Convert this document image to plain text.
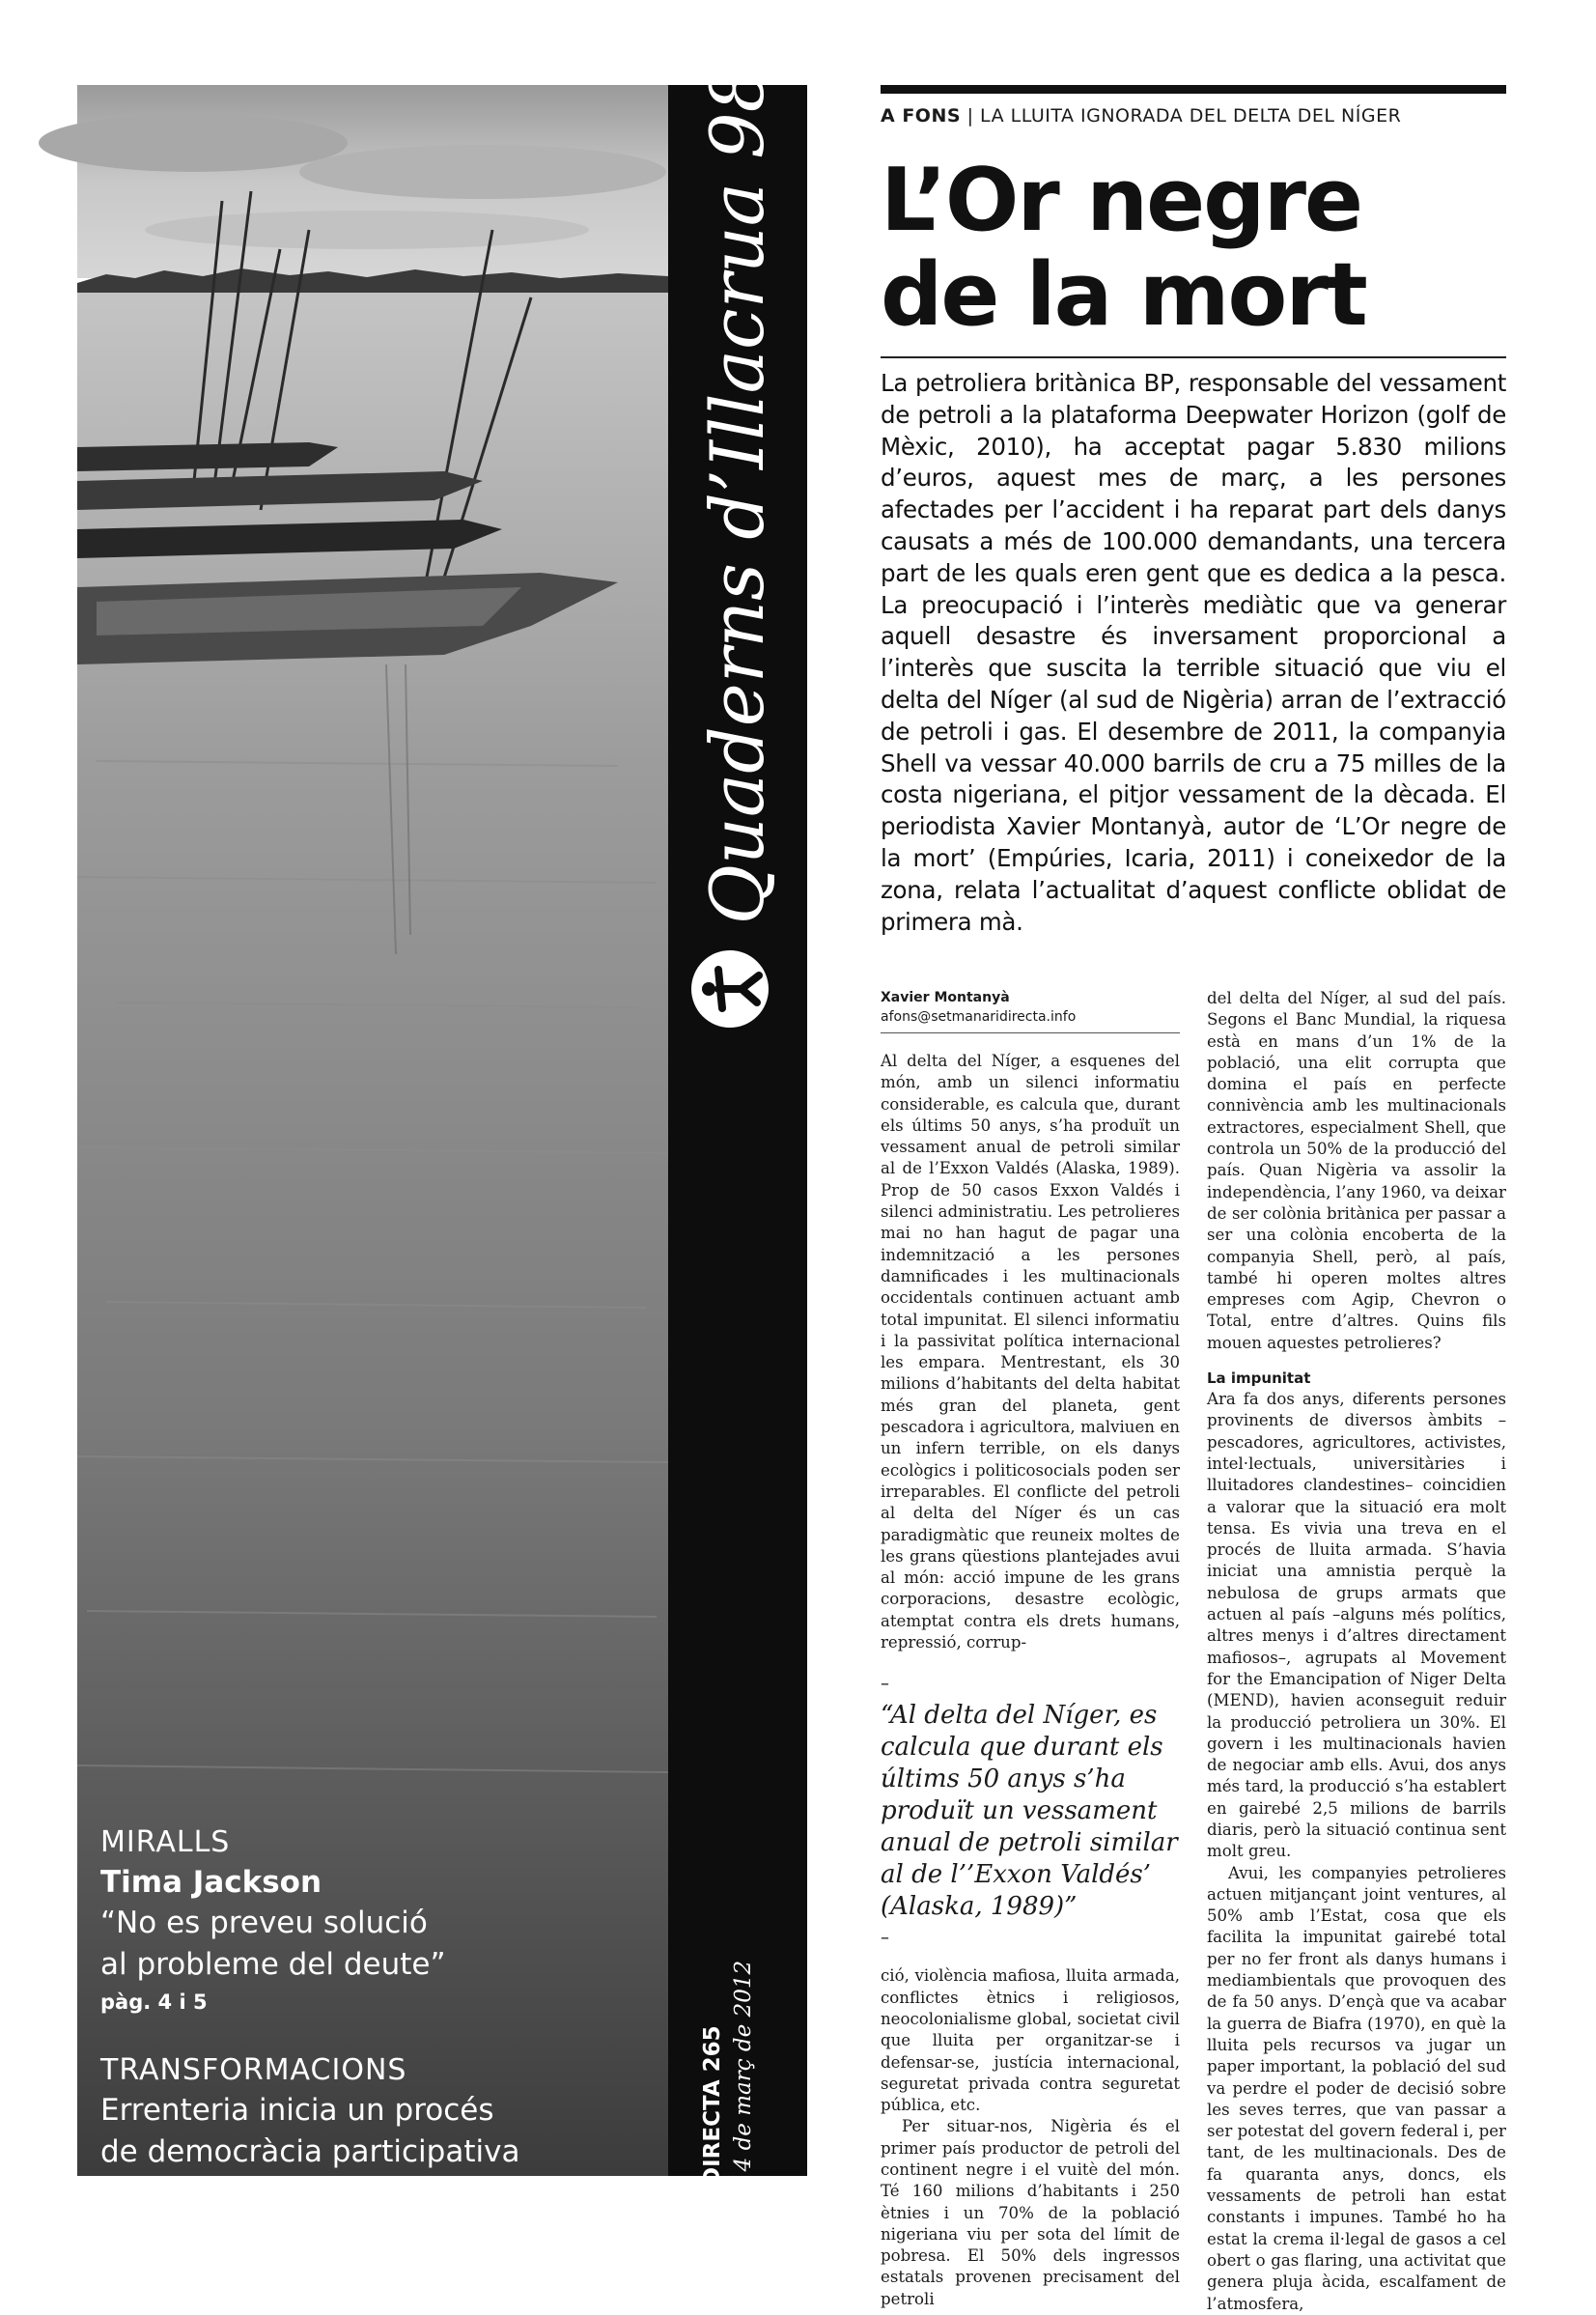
MIRALLS
Tima Jackson
“No es preveu solució
al probleme del deute”
pàg. 4 i 5
TRANSFORMACIONS
Errenteria inicia un procés
de democràcia participativa
pàg. 6 i 7
Quaderns d’Illacrua 98
DIRECTA 265 14 de març de 2012
A FONS | LA LLUITA IGNORADA DEL DELTA DEL NÍGER
L’Or negre
de la mort

La petroliera britànica BP, responsable del vessament de petroli a la plataforma Deepwater Horizon (golf de Mèxic, 2010), ha acceptat pagar 5.830 milions d’euros, aquest mes de març, a les persones afectades per l’accident i ha reparat part dels danys causats a més de 100.000 demandants, una tercera part de les quals eren gent que es dedica a la pesca. La preocupació i l’interès mediàtic que va generar aquell desastre és inversament proporcional a l’interès que suscita la terrible situació que viu el delta del Níger (al sud de Nigèria) arran de l’extracció de petroli i gas. El desembre de 2011, la companyia Shell va vessar 40.000 barrils de cru a 75 milles de la costa nigeriana, el pitjor vessament de la dècada. El periodista Xavier Montanyà, autor de ‘L’Or negre de la mort’ (Empúries, Icaria, 2011) i coneixedor de la zona, relata l’actualitat d’aquest conflicte oblidat de primera mà.

Xavier Montanyà
afons@setmanaridirecta.info

Al delta del Níger, a esquenes del món, amb un silenci informatiu considerable, es calcula que, durant els últims 50 anys, s’ha produït un vessament anual de petroli similar al de l’Exxon Valdés (Alaska, 1989). Prop de 50 casos Exxon Valdés i silenci administratiu. Les petrolieres mai no han hagut de pagar una indemnització a les persones damnificades i les multinacionals occidentals continuen actuant amb total impunitat. El silenci informatiu i la passivitat política internacional les empara. Mentrestant, els 30 milions d’habitants del delta habitat més gran del planeta, gent pescadora i agricultora, malviuen en un infern terrible, on els danys ecològics i politicosocials poden ser irreparables. El conflicte del petroli al delta del Níger és un cas paradigmàtic que reuneix moltes de les grans qüestions plantejades avui al món: acció impune de les grans corporacions, desastre ecològic, atemptat contra els drets humans, repressió, corrup-

–
“Al delta del Níger, es calcula que durant els últims 50 anys s’ha produït un vessament anual de petroli similar al de l’’Exxon Valdés’ (Alaska, 1989)”
–

ció, violència mafiosa, lluita armada, conflictes ètnics i religiosos, neocolonialisme global, societat civil que lluita per organitzar-se i defensar-se, justícia internacional, seguretat privada contra seguretat pública, etc.

Per situar-nos, Nigèria és el primer país productor de petroli del continent negre i el vuitè del món. Té 160 milions d’habitants i 250 ètnies i un 70% de la població nigeriana viu per sota del límit de pobresa. El 50% dels ingressos estatals provenen precisament del petroli

del delta del Níger, al sud del país. Segons el Banc Mundial, la riquesa està en mans d’un 1% de la població, una elit corrupta que domina el país en perfecte connivència amb les multinacionals extractores, especialment Shell, que controla un 50% de la producció del país. Quan Nigèria va assolir la independència, l’any 1960, va deixar de ser colònia britànica per passar a ser una colònia encoberta de la companyia Shell, però, al país, també hi operen moltes altres empreses com Agip, Chevron o Total, entre d’altres. Quins fils mouen aquestes petrolieres?

La impunitat

Ara fa dos anys, diferents persones provinents de diversos àmbits –pescadores, agricultores, activistes, intel·lectuals, universitàries i lluitadores clandestines– coincidien a valorar que la situació era molt tensa. Es vivia una treva en el procés de lluita armada. S’havia iniciat una amnistia perquè la nebulosa de grups armats que actuen al país –alguns més polítics, altres menys i d’altres directament mafiosos–, agrupats al Movement for the Emancipation of Niger Delta (MEND), havien aconseguit reduir la producció petroliera un 30%. El govern i les multinacionals havien de negociar amb ells. Avui, dos anys més tard, la producció s’ha establert en gairebé 2,5 milions de barrils diaris, però la situació continua sent molt greu.

Avui, les companyies petrolieres actuen mitjançant joint ventures, al 50% amb l’Estat, cosa que els facilita la impunitat gairebé total per no fer front als danys humans i mediambientals que provoquen des de fa 50 anys. D’ençà que va acabar la guerra de Biafra (1970), en què la lluita pels recursos va jugar un paper important, la població del sud va perdre el poder de decisió sobre les seves terres, que van passar a ser potestat del govern federal i, per tant, de les multinacionals. Des de fa quaranta anys, doncs, els vessaments de petroli han estat constants i impunes. També ho ha estat la crema il·legal de gasos a cel obert o gas flaring, una activitat que genera pluja àcida, escalfament de l’atmosfera,
